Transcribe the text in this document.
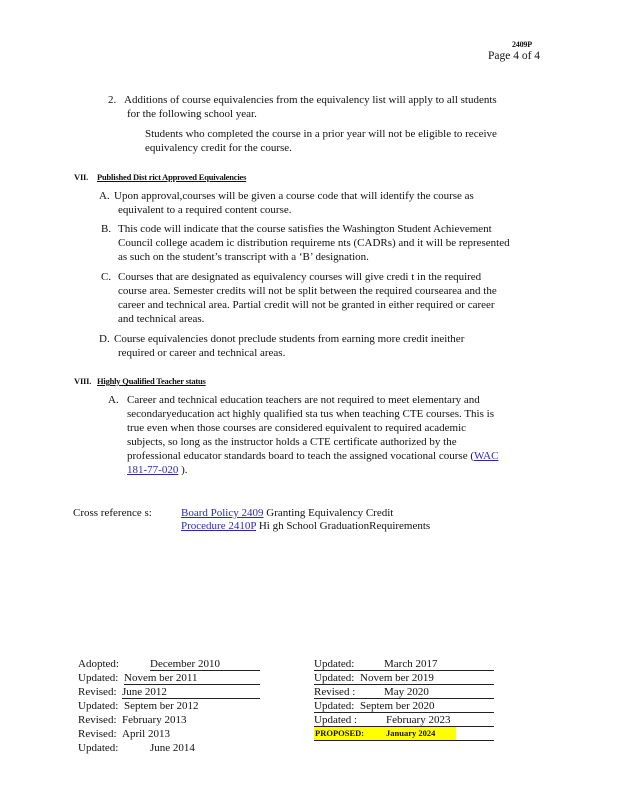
2409P
Page 4 of 4
2. Additions of course equivalencies from the equivalency list will apply to all students
for the following school year.
Students who completed the course in a prior year will not be eligible to receive
equivalency credit for the course.
VII. Published Dist rict Approved Equivalencies
A. Upon approval,courses will be given a course code that will identify the course as
equivalent to a required content course.
B. This code will indicate that the course satisfies the Washington Student Achievement
Council college academ ic distribution requireme nts (CADRs) and it will be represented
as such on the student’s transcript with a ‘B’ designation.
C. Courses that are designated as equivalency courses will give credi t in the required
course area. Semester credits will not be split between the required coursearea and the
career and technical area. Partial credit will not be granted in either required or career
and technical areas.
D. Course equivalencies donot preclude students from earning more credit ineither
required or career and technical areas.
VIII. Highly Qualified Teacher status
A. Career and technical education teachers are not required to meet elementary and
secondaryeducation act highly qualified sta tus when teaching CTE courses. This is
true even when those courses are considered equivalent to required academic
subjects, so long as the instructor holds a CTE certificate authorized by the
professional educator standards board to teach the assigned vocational course (WAC
181-77-020 ).
Cross reference s:	Board Policy 2409 Granting Equivalency Credit
Procedure 2410P Hi gh School GraduationRequirements
Adopted:	December 2010
Updated: Novem ber 2011
Revised: June 2012
Updated: Septem ber 2012
Revised: February 2013
Revised: April 2013
Updated:	June 2014
Updated:	March 2017
Updated: Novem ber 2019
Revised :	May 2020
Updated: Septem ber 2020
Updated :	February 2023
PROPOSED:	January 2024
